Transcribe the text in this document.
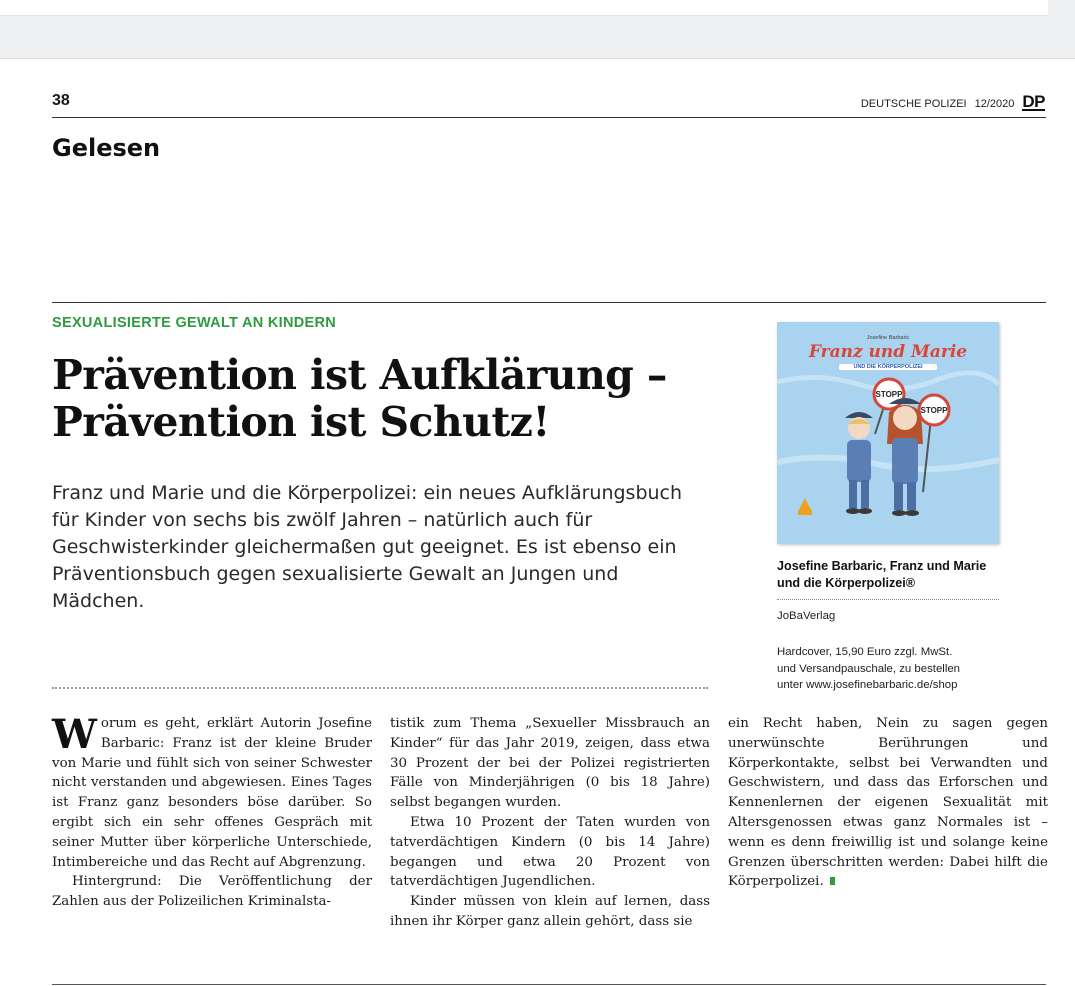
38	DEUTSCHE POLIZEI 12/2020 DP
Gelesen
SEXUALISIERTE GEWALT AN KINDERN
Prävention ist Aufklärung –
Prävention ist Schutz!
Franz und Marie und die Körperpolizei: ein neues Aufklärungsbuch für Kinder von sechs bis zwölf Jahren – natürlich auch für Geschwisterkinder gleichermaßen gut geeignet. Es ist ebenso ein Präventionsbuch gegen sexualisierte Gewalt an Jungen und Mädchen.

Worum es geht, erklärt Autorin Josefine Barbaric: Franz ist der kleine Bruder von Marie und fühlt sich von seiner Schwester nicht verstanden und abgewiesen. Eines Tages ist Franz ganz besonders böse darüber. So ergibt sich ein sehr offenes Gespräch mit seiner Mutter über körperliche Unterschiede, Intimbereiche und das Recht auf Abgrenzung.

Hintergrund: Die Veröffentlichung der Zahlen aus der Polizeilichen Kriminalsta-

tistik zum Thema „Sexueller Missbrauch an Kinder“ für das Jahr 2019, zeigen, dass etwa 30 Prozent der bei der Polizei registrierten Fälle von Minderjährigen (0 bis 18 Jahre) selbst begangen wurden.

Etwa 10 Prozent der Taten wurden von tatverdächtigen Kindern (0 bis 14 Jahre) begangen und etwa 20 Prozent von tatverdächtigen Jugendlichen.

Kinder müssen von klein auf lernen, dass ihnen ihr Körper ganz allein gehört, dass sie

ein Recht haben, Nein zu sagen gegen unerwünschte Berührungen und Körperkontakte, selbst bei Verwandten und Geschwistern, und dass das Erforschen und Kennenlernen der eigenen Sexualität mit Altersgenossen etwas ganz Normales ist – wenn es denn freiwillig ist und solange keine Grenzen überschritten werden: Dabei hilft die Körperpolizei.

STOPP
STOPP
Josefine Barbaric
Franz und Marie
UND DIE KÖRPERPOLIZEI
Josefine Barbaric, Franz und Marie und die Körperpolizei®
JoBaVerlag
Hardcover, 15,90 Euro zzgl. MwSt.
und Versandpauschale, zu bestellen
unter www.josefinebarbaric.de/shop
